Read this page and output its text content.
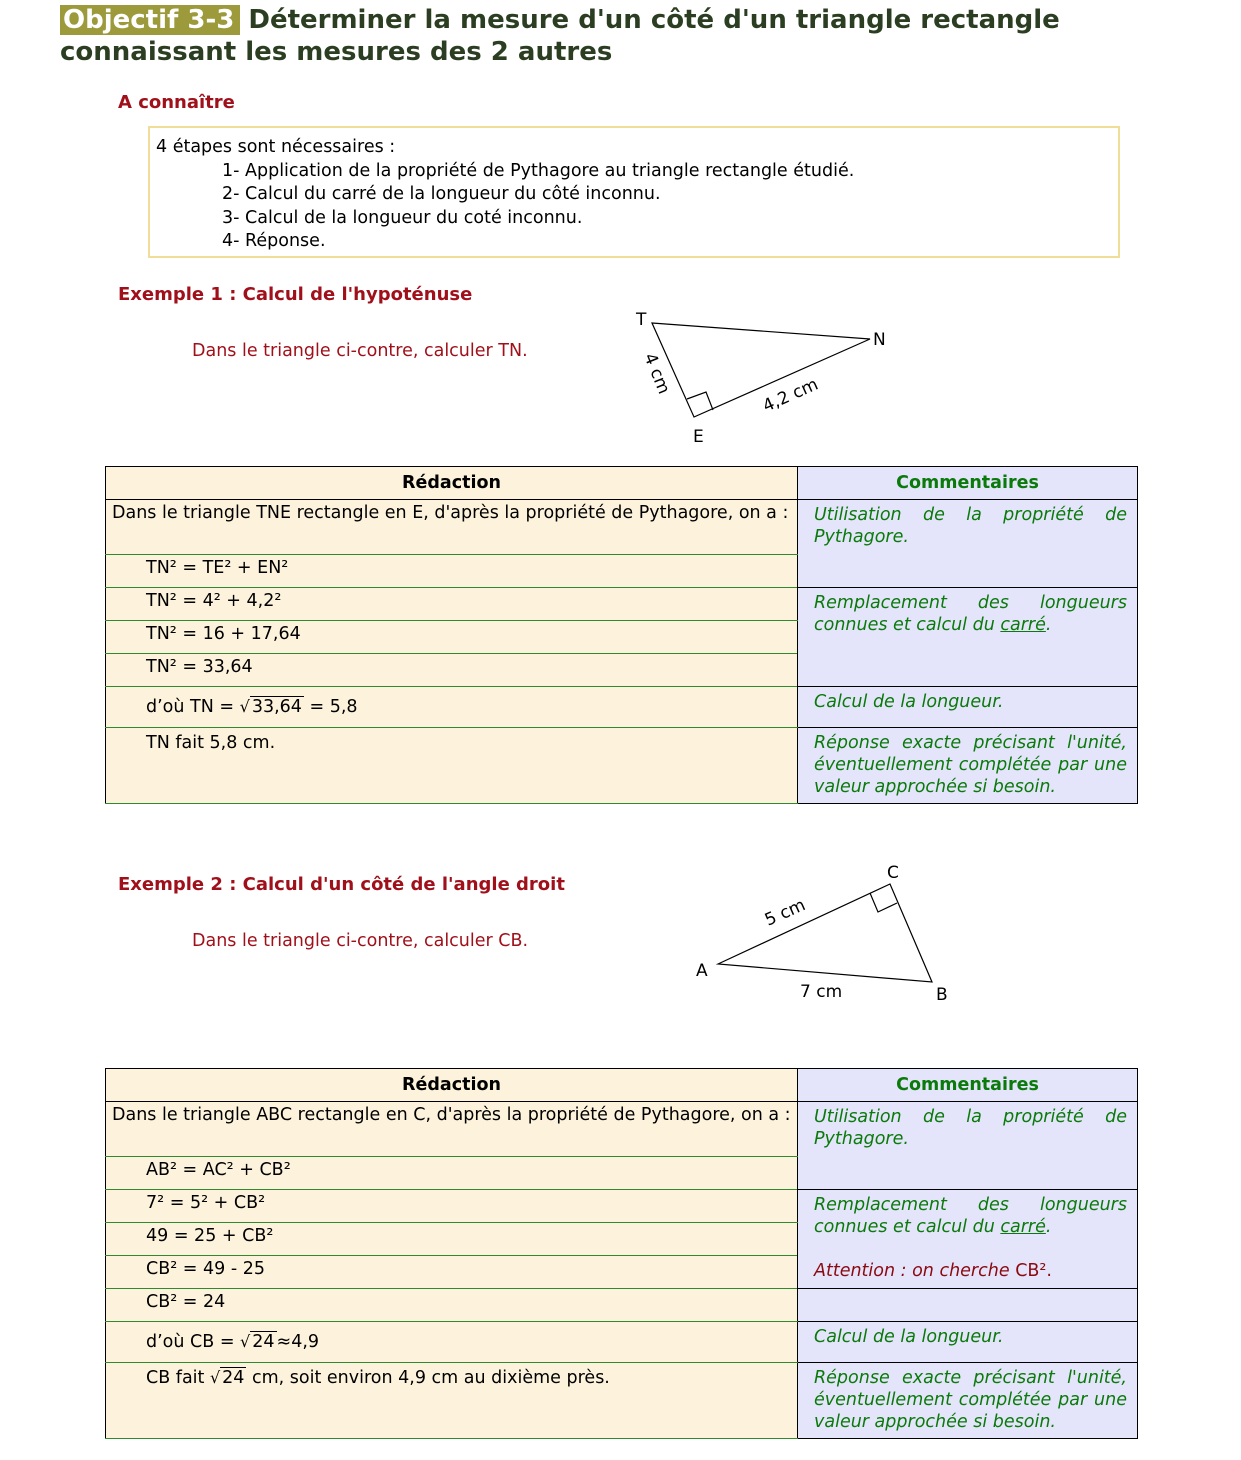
Objectif 3-3 Déterminer la mesure d'un côté d'un triangle rectangle connaissant les mesures des 2 autres
A connaître
4 étapes sont nécessaires :
1- Application de la propriété de Pythagore au triangle rectangle étudié.
2- Calcul du carré de la longueur du côté inconnu.
3- Calcul de la longueur du coté inconnu.
4- Réponse.
Exemple 1 : Calcul de l'hypoténuse
Dans le triangle ci-contre, calculer TN.
T
N
E
4 cm	4,2 cm
Rédaction	Commentaires
Dans le triangle TNE rectangle en E, d'après la propriété de Pythagore, on a :	Utilisation de la propriété de Pythagore.
TN² = TE² + EN²	
TN² = 4² + 4,2²	Remplacement des longueurs connues et calcul du carré.
TN² = 16 + 17,64	
TN² = 33,64	
d’où TN = √ 33,64 = 5,8	Calcul de la longueur.
TN fait 5,8 cm.	Réponse exacte précisant l'unité, éventuellement complétée par une valeur approchée si besoin.
Exemple 2 : Calcul d'un côté de l'angle droit
Dans le triangle ci-contre, calculer CB.
A
B
C
5 cm
7 cm
Rédaction	Commentaires
Dans le triangle ABC rectangle en C, d'après la propriété de Pythagore, on a :	Utilisation de la propriété de Pythagore.
AB² = AC² + CB²	
7² = 5² + CB²	Remplacement des longueurs connues et calcul du carré.

Attention : on cherche CB².
49 = 25 + CB²	
CB² = 49 - 25	
CB² = 24	
d’où CB = √ 24 ≈4,9	Calcul de la longueur.
CB fait √ 24 cm, soit environ 4,9 cm au dixième près.	Réponse exacte précisant l'unité, éventuellement complétée par une valeur approchée si besoin.
